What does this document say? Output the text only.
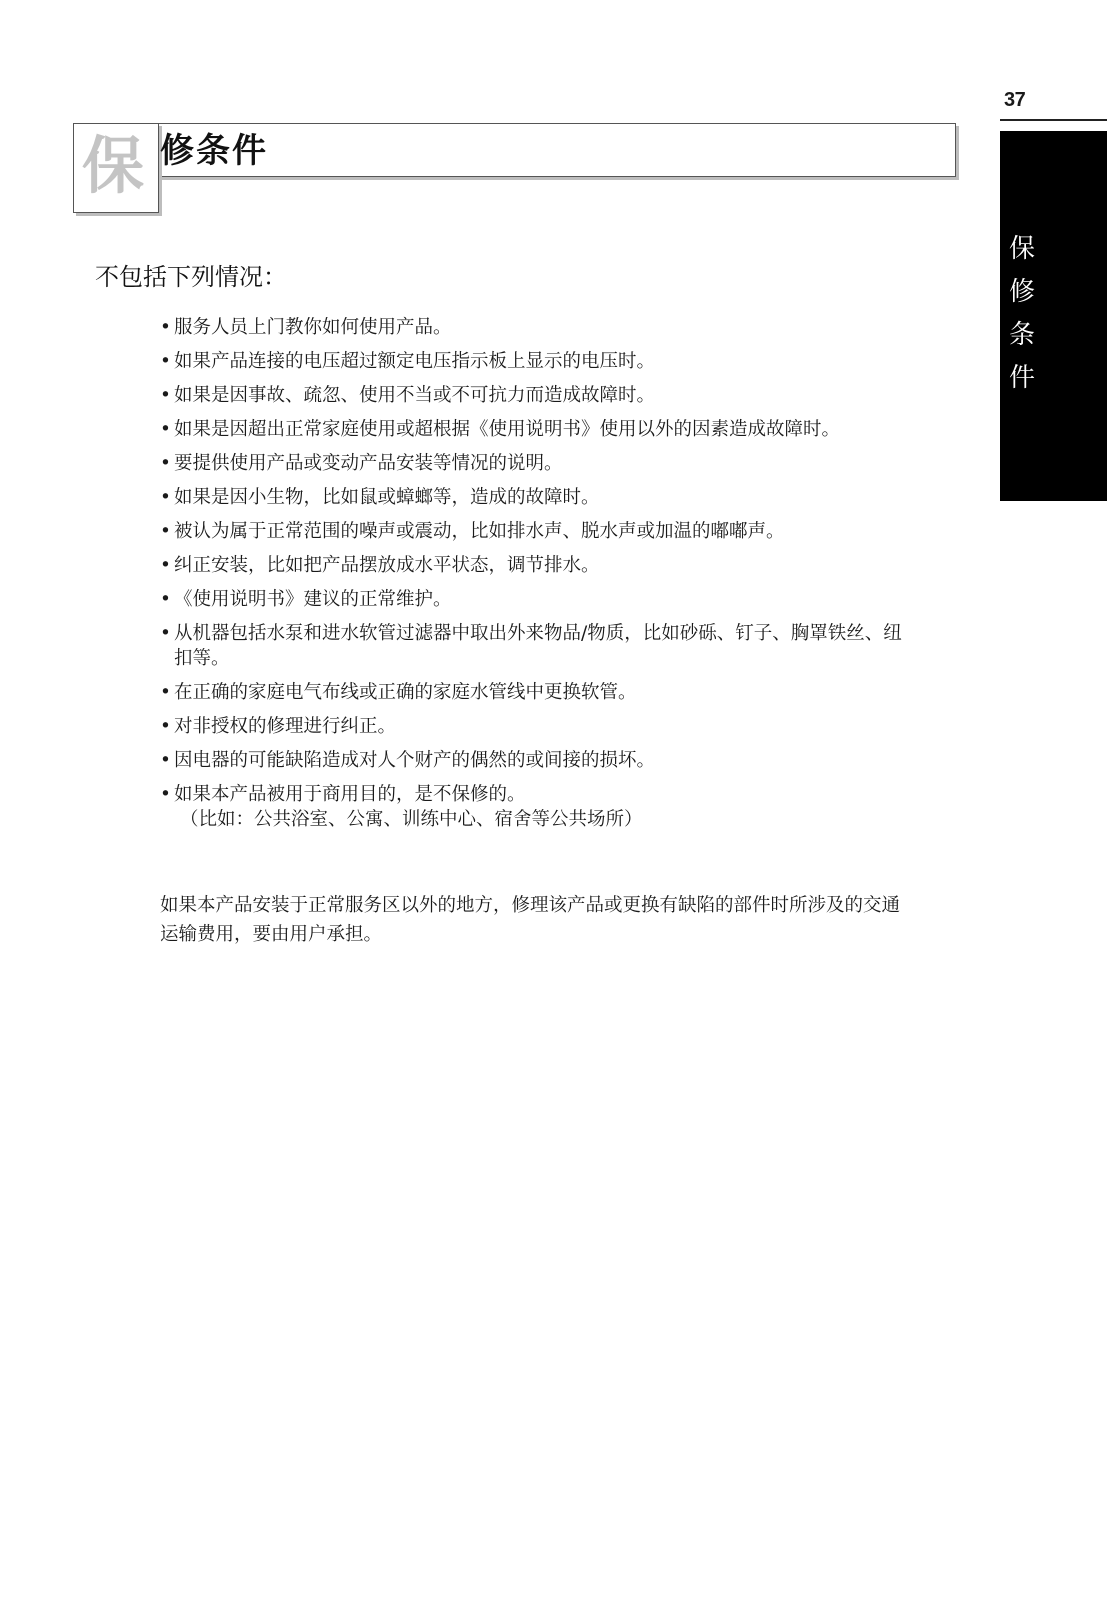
37
保修条件
保 修条件
不包括下列情况：
• 服务人员上门教你如何使用产品。
• 如果产品连接的电压超过额定电压指示板上显示的电压时。
• 如果是因事故、疏忽、使用不当或不可抗力而造成故障时。
• 如果是因超出正常家庭使用或超根据《使用说明书》使用以外的因素造成故障时。
• 要提供使用产品或变动产品安装等情况的说明。
• 如果是因小生物，比如鼠或蟑螂等，造成的故障时。
• 被认为属于正常范围的噪声或震动，比如排水声、脱水声或加温的嘟嘟声。
• 纠正安装，比如把产品摆放成水平状态，调节排水。
• 《使用说明书》建议的正常维护。
• 从机器包括水泵和进水软管过滤器中取出外来物品/物质，比如砂砾、钉子、胸罩铁丝、纽扣等。
• 在正确的家庭电气布线或正确的家庭水管线中更换软管。
• 对非授权的修理进行纠正。
• 因电器的可能缺陷造成对人个财产的偶然的或间接的损坏。
• 如果本产品被用于商用目的，是不保修的。
（比如：公共浴室、公寓、训练中心、宿舍等公共场所）

如果本产品安装于正常服务区以外的地方，修理该产品或更换有缺陷的部件时所涉及的交通运输费用，要由用户承担。
